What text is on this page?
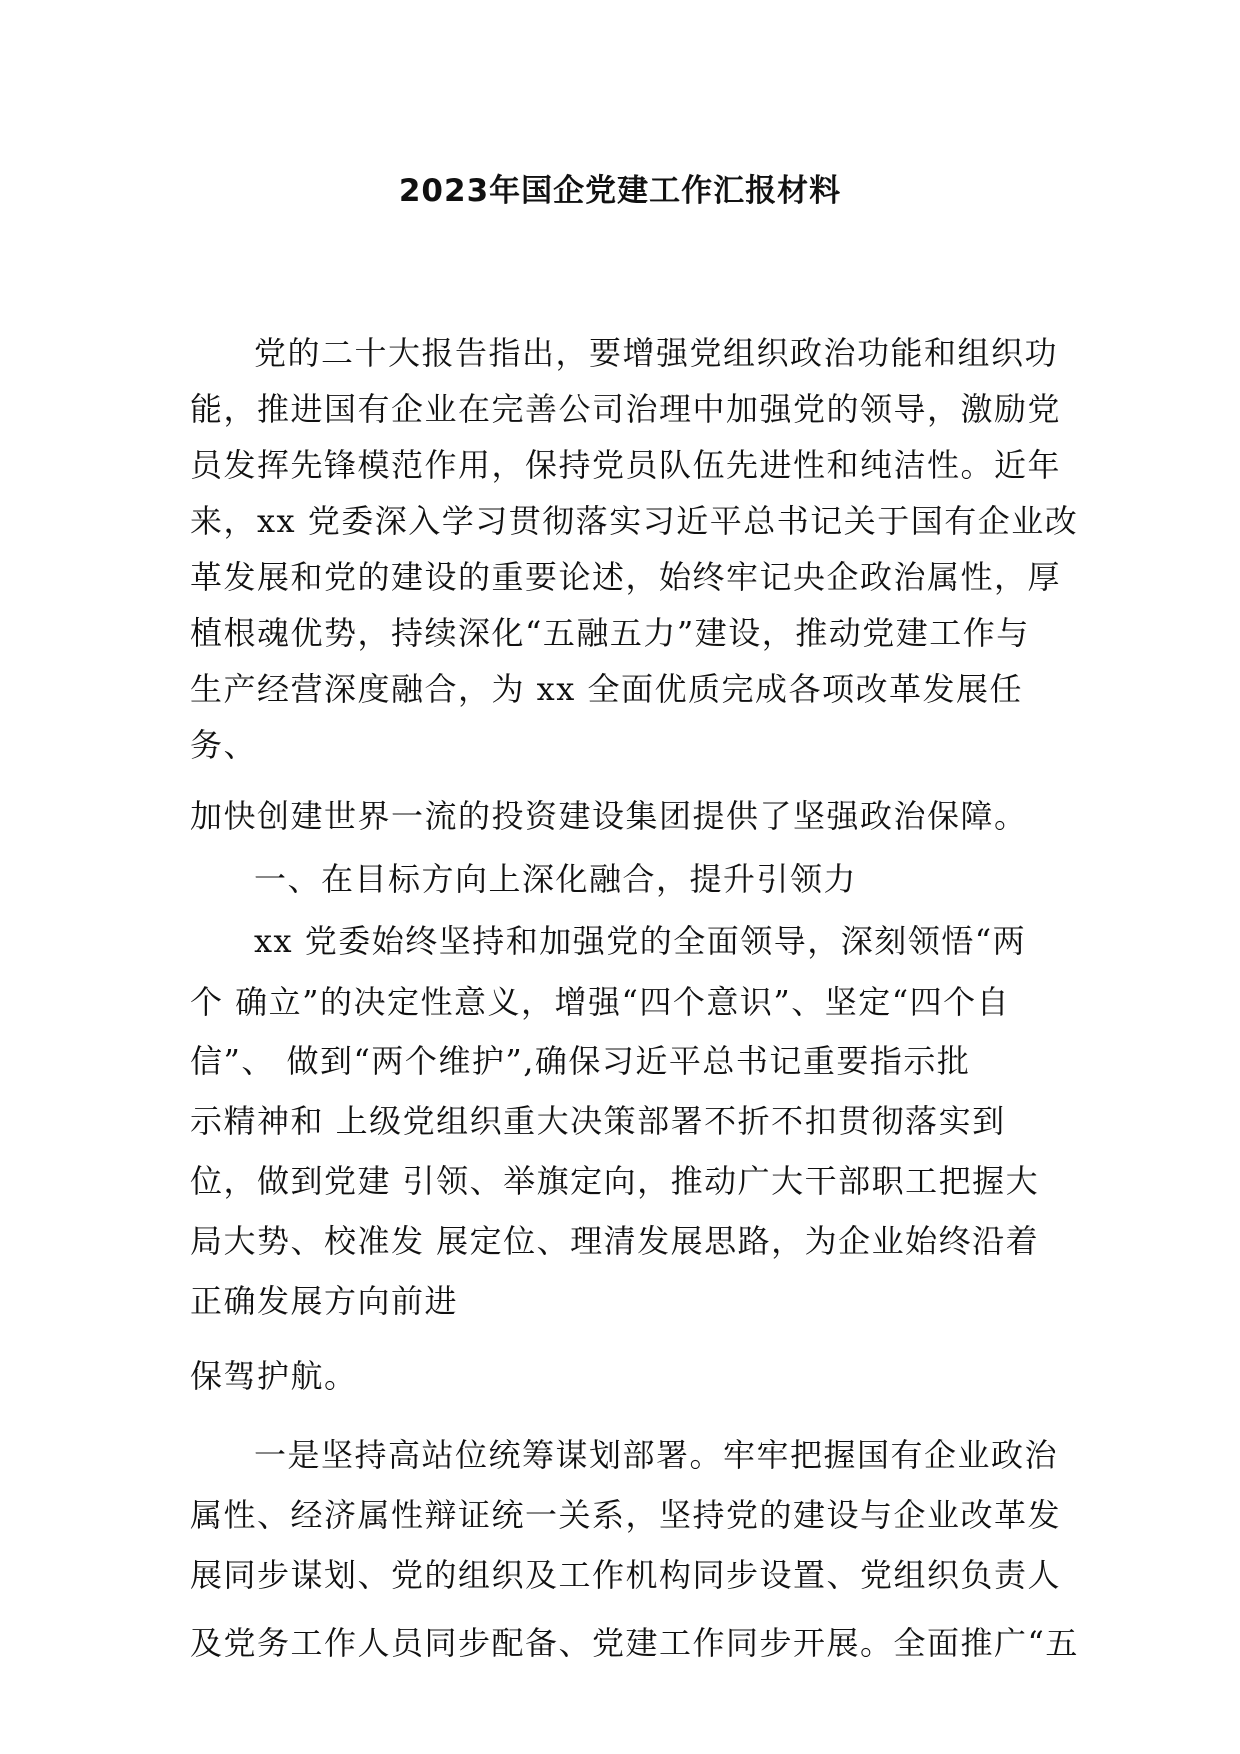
2023年国企党建工作汇报材料
党的二十大报告指出，要增强党组织政治功能和组织功
能，推进国有企业在完善公司治理中加强党的领导，激励党
员发挥先锋模范作用，保持党员队伍先进性和纯洁性。近年
来，xx 党委深入学习贯彻落实习近平总书记关于国有企业改
革发展和党的建设的重要论述，始终牢记央企政治属性，厚
植根魂优势，持续深化“五融五力”建设，推动党建工作与
生产经营深度融合，为 xx 全面优质完成各项改革发展任
务、
加快创建世界一流的投资建设集团提供了坚强政治保障。
一、在目标方向上深化融合，提升引领力
xx 党委始终坚持和加强党的全面领导，深刻领悟“两
个 确立”的决定性意义，增强“四个意识”、坚定“四个自
信”、 做到“两个维护”,确保习近平总书记重要指示批
示精神和 上级党组织重大决策部署不折不扣贯彻落实到
位，做到党建 引领、举旗定向，推动广大干部职工把握大
局大势、校准发 展定位、理清发展思路，为企业始终沿着
正确发展方向前进
保驾护航。
一是坚持高站位统筹谋划部署。牢牢把握国有企业政治
属性、经济属性辩证统一关系，坚持党的建设与企业改革发
展同步谋划、党的组织及工作机构同步设置、党组织负责人
及党务工作人员同步配备、党建工作同步开展。全面推广“五
